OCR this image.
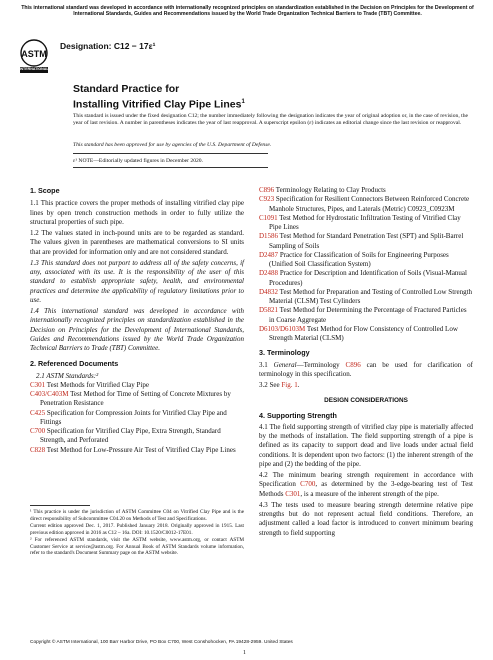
This international standard was developed in accordance with internationally recognized principles on standardization established in the Decision on Principles for the Development of International Standards, Guides and Recommendations issued by the World Trade Organization Technical Barriers to Trade (TBT) Committee.
ASTM
INTERNATIONAL
Designation: C12 − 17ε¹
Standard Practice for
Installing Vitrified Clay Pipe Lines$^1$
This standard is issued under the fixed designation C12; the number immediately following the designation indicates the year of original adoption or, in the case of revision, the year of last revision. A number in parentheses indicates the year of last reapproval. A superscript epsilon (ε) indicates an editorial change since the last revision or reapproval.
This standard has been approved for use by agencies of the U.S. Department of Defense.
ε¹ NOTE—Editorially updated figures in December 2020.
1. Scope
1.1 This practice covers the proper methods of installing vitrified clay pipe lines by open trench construction methods in order to fully utilize the structural properties of such pipe.
1.2 The values stated in inch-pound units are to be regarded as standard. The values given in parentheses are mathematical conversions to SI units that are provided for information only and are not considered standard.
1.3 This standard does not purport to address all of the safety concerns, if any, associated with its use. It is the responsibility of the user of this standard to establish appropriate safety, health, and environmental practices and determine the applicability of regulatory limitations prior to use.
1.4 This international standard was developed in accordance with internationally recognized principles on standardization established in the Decision on Principles for the Development of International Standards, Guides and Recommendations issued by the World Trade Organization Technical Barriers to Trade (TBT) Committee.
2. Referenced Documents
2.1 ASTM Standards:²
C301 Test Methods for Vitrified Clay Pipe
C403/C403M Test Method for Time of Setting of Concrete Mixtures by Penetration Resistance
C425 Specification for Compression Joints for Vitrified Clay Pipe and Fittings
C700 Specification for Vitrified Clay Pipe, Extra Strength, Standard Strength, and Perforated
C828 Test Method for Low-Pressure Air Test of Vitrified Clay Pipe Lines
¹ This practice is under the jurisdiction of ASTM Committee C04 on Vitrified Clay Pipe and is the direct responsibility of Subcommittee C04.20 on Methods of Test and Specifications.
Current edition approved Dec. 1, 2017. Published January 2018. Originally approved in 1915. Last previous edition approved in 2016 as C12 – 16a. DOI: 10.1520/C0012-17E01.
² For referenced ASTM standards, visit the ASTM website, www.astm.org, or contact ASTM Customer Service at service@astm.org. For Annual Book of ASTM Standards volume information, refer to the standard's Document Summary page on the ASTM website.
C896 Terminology Relating to Clay Products
C923 Specification for Resilient Connectors Between Reinforced Concrete Manhole Structures, Pipes, and Laterals (Metric) C0923_C0923M
C1091 Test Method for Hydrostatic Infiltration Testing of Vitrified Clay Pipe Lines
D1586 Test Method for Standard Penetration Test (SPT) and Split-Barrel Sampling of Soils
D2487 Practice for Classification of Soils for Engineering Purposes (Unified Soil Classification System)
D2488 Practice for Description and Identification of Soils (Visual-Manual Procedures)
D4832 Test Method for Preparation and Testing of Controlled Low Strength Material (CLSM) Test Cylinders
D5821 Test Method for Determining the Percentage of Fractured Particles in Coarse Aggregate
D6103/D6103M Test Method for Flow Consistency of Controlled Low Strength Material (CLSM)
3. Terminology
3.1 General—Terminology C896 can be used for clarification of terminology in this specification.
3.2 See Fig. 1.
DESIGN CONSIDERATIONS
4. Supporting Strength
4.1 The field supporting strength of vitrified clay pipe is materially affected by the methods of installation. The field supporting strength of a pipe is defined as its capacity to support dead and live loads under actual field conditions. It is dependent upon two factors: (1) the inherent strength of the pipe and (2) the bedding of the pipe.
4.2 The minimum bearing strength requirement in accordance with Specification C700, as determined by the 3-edge-bearing test of Test Methods C301, is a measure of the inherent strength of the pipe.
4.3 The tests used to measure bearing strength determine relative pipe strengths but do not represent actual field conditions. Therefore, an adjustment called a load factor is introduced to convert minimum bearing strength to field supporting
Copyright © ASTM International, 100 Barr Harbor Drive, PO Box C700, West Conshohocken, PA 19428-2959. United States
1
